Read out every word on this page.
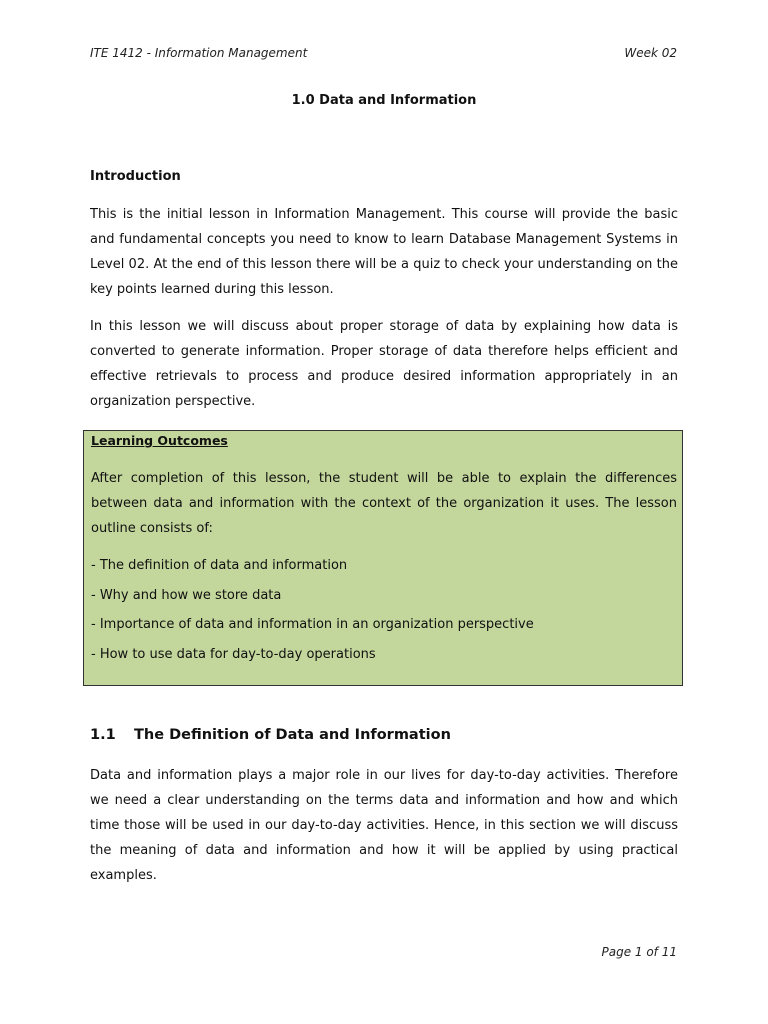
ITE 1412 - Information Management	Week 02
1.0 Data and Information
Introduction
This is the initial lesson in Information Management. This course will provide the basic and fundamental concepts you need to know to learn Database Management Systems in Level 02. At the end of this lesson there will be a quiz to check your understanding on the key points learned during this lesson.
In this lesson we will discuss about proper storage of data by explaining how data is converted to generate information. Proper storage of data therefore helps efficient and effective retrievals to process and produce desired information appropriately in an organization perspective.
Learning Outcomes
After completion of this lesson, the student will be able to explain the differences between data and information with the context of the organization it uses. The lesson outline consists of:
- The definition of data and information
- Why and how we store data
- Importance of data and information in an organization perspective
- How to use data for day-to-day operations
1.1 The Definition of Data and Information
Data and information plays a major role in our lives for day-to-day activities. Therefore we need a clear understanding on the terms data and information and how and which time those will be used in our day-to-day activities. Hence, in this section we will discuss the meaning of data and information and how it will be applied by using practical examples.
Page 1 of 11
